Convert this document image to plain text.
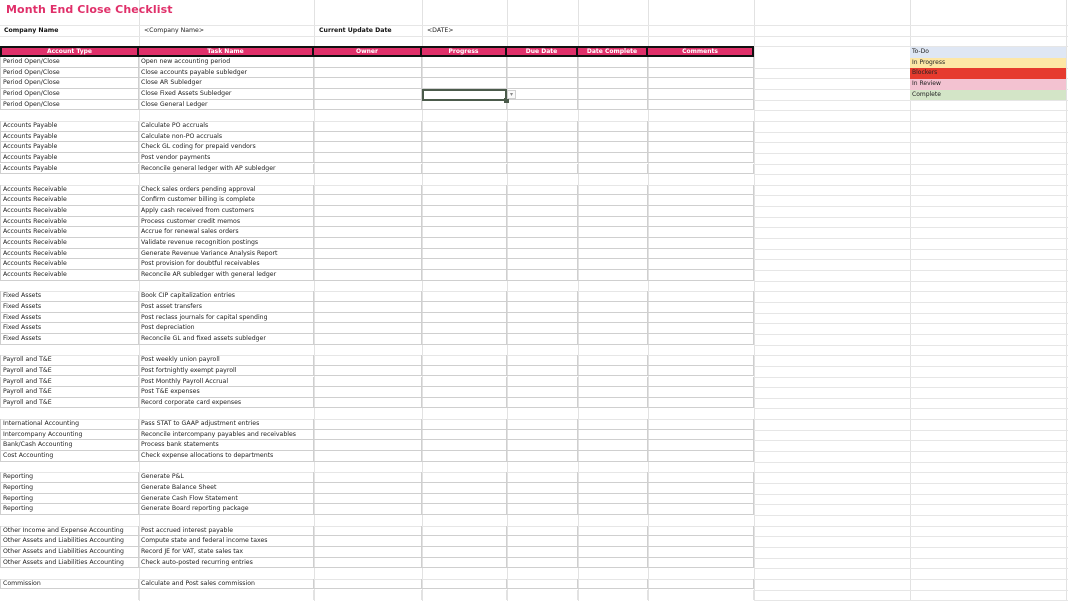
Month End Close Checklist
Company Name	<Company Name>	Current Update Date	<DATE>
Account Type	Task Name	Owner	Progress	Due Date	Date Complete	Comments
Period Open/Close	Open new accounting period
Period Open/Close	Close accounts payable subledger
Period Open/Close	Close AR Subledger
Period Open/Close	Close Fixed Assets Subledger
Period Open/Close	Close General Ledger
Accounts Payable	Calculate PO accruals
Accounts Payable	Calculate non-PO accruals
Accounts Payable	Check GL coding for prepaid vendors
Accounts Payable	Post vendor payments
Accounts Payable	Reconcile general ledger with AP subledger
Accounts Receivable	Check sales orders pending approval
Accounts Receivable	Confirm customer billing is complete
Accounts Receivable	Apply cash received from customers
Accounts Receivable	Process customer credit memos
Accounts Receivable	Accrue for renewal sales orders
Accounts Receivable	Validate revenue recognition postings
Accounts Receivable	Generate Revenue Variance Analysis Report
Accounts Receivable	Post provision for doubtful receivables
Accounts Receivable	Reconcile AR subledger with general ledger
Fixed Assets	Book CIP capitalization entries
Fixed Assets	Post asset transfers
Fixed Assets	Post reclass journals for capital spending
Fixed Assets	Post depreciation
Fixed Assets	Reconcile GL and fixed assets subledger
Payroll and T&E	Post weekly union payroll
Payroll and T&E	Post fortnightly exempt payroll
Payroll and T&E	Post Monthly Payroll Accrual
Payroll and T&E	Post T&E expenses
Payroll and T&E	Record corporate card expenses
International Accounting	Pass STAT to GAAP adjustment entries
Intercompany Accounting	Reconcile intercompany payables and receivables
Bank/Cash Accounting	Process bank statements
Cost Accounting	Check expense allocations to departments
Reporting	Generate P&L
Reporting	Generate Balance Sheet
Reporting	Generate Cash Flow Statement
Reporting	Generate Board reporting package
Other Income and Expense Accounting	Post accrued interest payable
Other Assets and Liabilities Accounting	Compute state and federal income taxes
Other Assets and Liabilities Accounting	Record JE for VAT, state sales tax
Other Assets and Liabilities Accounting	Check auto-posted recurring entries
Commission	Calculate and Post sales commission
To-Do
In Progress
Blockers
In Review
Complete
▾
